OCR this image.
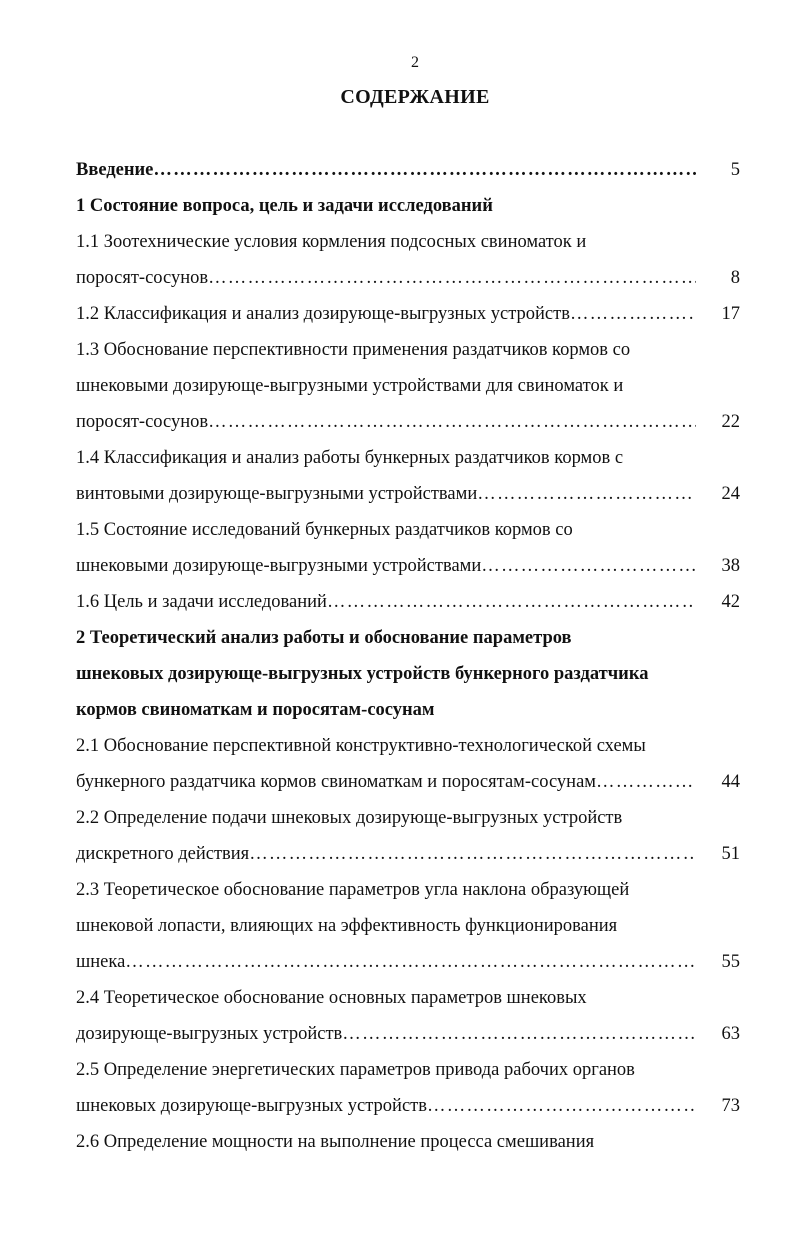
2
СОДЕРЖАНИЕ
Введение ……………………………………………………………………………………………………………………………………………………………………	5
1 Состояние вопроса, цель и задачи исследований
1.1 Зоотехнические условия кормления подсосных свиноматок и
поросят-сосунов ……………………………………………………………………………………………………………………………………………………………………	8
1.2 Классификация и анализ дозирующе-выгрузных устройств ……………………………………………………………………………………………………………………………………………………………………	17
1.3 Обоснование перспективности применения раздатчиков кормов со
шнековыми дозирующе-выгрузными устройствами для свиноматок и
поросят-сосунов ……………………………………………………………………………………………………………………………………………………………………	22
1.4 Классификация и анализ работы бункерных раздатчиков кормов с
винтовыми дозирующе-выгрузными устройствами ……………………………………………………………………………………………………………………………………………………………………	24
1.5 Состояние исследований бункерных раздатчиков кормов со
шнековыми дозирующе-выгрузными устройствами ……………………………………………………………………………………………………………………………………………………………………	38
1.6 Цель и задачи исследований ……………………………………………………………………………………………………………………………………………………………………	42
2 Теоретический анализ работы и обоснование параметров
шнековых дозирующе-выгрузных устройств бункерного раздатчика
кормов свиноматкам и поросятам-сосунам
2.1 Обоснование перспективной конструктивно-технологической схемы
бункерного раздатчика кормов свиноматкам и поросятам-сосунам ……………………………………………………………………………………………………………………………………………………………………	44
2.2 Определение подачи шнековых дозирующе-выгрузных устройств
дискретного действия ……………………………………………………………………………………………………………………………………………………………………	51
2.3 Теоретическое обоснование параметров угла наклона образующей
шнековой лопасти, влияющих на эффективность функционирования
шнека ……………………………………………………………………………………………………………………………………………………………………	55
2.4 Теоретическое обоснование основных параметров шнековых
дозирующе-выгрузных устройств ……………………………………………………………………………………………………………………………………………………………………	63
2.5 Определение энергетических параметров привода рабочих органов
шнековых дозирующе-выгрузных устройств ……………………………………………………………………………………………………………………………………………………………………	73
2.6 Определение мощности на выполнение процесса смешивания
